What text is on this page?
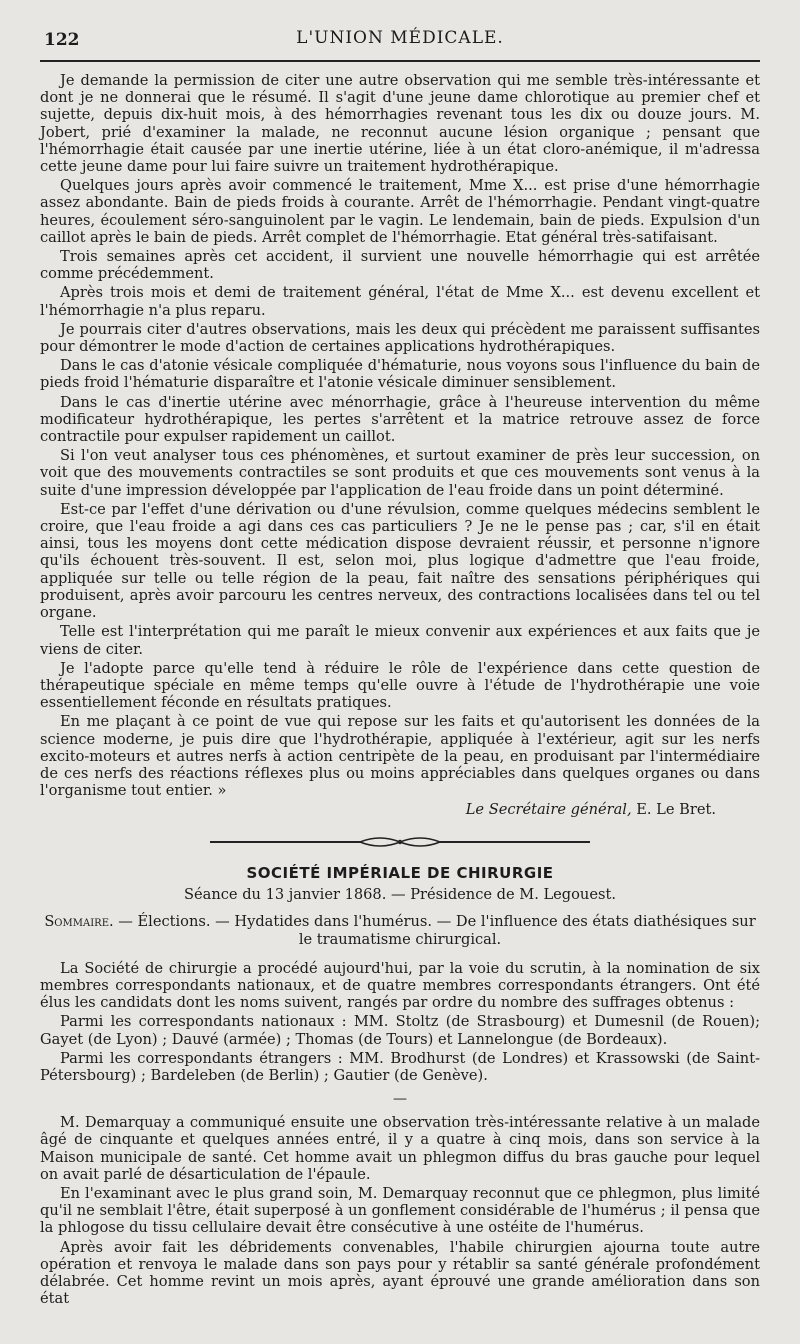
122	L'UNION MÉDICALE.

Je demande la permission de citer une autre observation qui me semble très-intéressante et dont je ne donnerai que le résumé. Il s'agit d'une jeune dame chlorotique au premier chef et sujette, depuis dix-huit mois, à des hémorrhagies revenant tous les dix ou douze jours. M. Jobert, prié d'examiner la malade, ne reconnut aucune lésion organique ; pensant que l'hémorrhagie était causée par une inertie utérine, liée à un état cloro-anémique, il m'adressa cette jeune dame pour lui faire suivre un traitement hydrothérapique.

Quelques jours après avoir commencé le traitement, Mme X... est prise d'une hémorrhagie assez abondante. Bain de pieds froids à courante. Arrêt de l'hémorrhagie. Pendant vingt-quatre heures, écoulement séro-sanguinolent par le vagin. Le lendemain, bain de pieds. Expulsion d'un caillot après le bain de pieds. Arrêt complet de l'hémorrhagie. Etat général très-satifaisant.

Trois semaines après cet accident, il survient une nouvelle hémorrhagie qui est arrêtée comme précédemment.

Après trois mois et demi de traitement général, l'état de Mme X... est devenu excellent et l'hémorrhagie n'a plus reparu.

Je pourrais citer d'autres observations, mais les deux qui précèdent me paraissent suffisantes pour démontrer le mode d'action de certaines applications hydrothérapiques.

Dans le cas d'atonie vésicale compliquée d'hématurie, nous voyons sous l'influence du bain de pieds froid l'hématurie disparaître et l'atonie vésicale diminuer sensiblement.

Dans le cas d'inertie utérine avec ménorrhagie, grâce à l'heureuse intervention du même modificateur hydrothérapique, les pertes s'arrêtent et la matrice retrouve assez de force contractile pour expulser rapidement un caillot.

Si l'on veut analyser tous ces phénomènes, et surtout examiner de près leur succession, on voit que des mouvements contractiles se sont produits et que ces mouvements sont venus à la suite d'une impression développée par l'application de l'eau froide dans un point déterminé.

Est-ce par l'effet d'une dérivation ou d'une révulsion, comme quelques médecins semblent le croire, que l'eau froide a agi dans ces cas particuliers ? Je ne le pense pas ; car, s'il en était ainsi, tous les moyens dont cette médication dispose devraient réussir, et personne n'ignore qu'ils échouent très-souvent. Il est, selon moi, plus logique d'admettre que l'eau froide, appliquée sur telle ou telle région de la peau, fait naître des sensations périphériques qui produisent, après avoir parcouru les centres nerveux, des contractions localisées dans tel ou tel organe.

Telle est l'interprétation qui me paraît le mieux convenir aux expériences et aux faits que je viens de citer.

Je l'adopte parce qu'elle tend à réduire le rôle de l'expérience dans cette question de thérapeutique spéciale en même temps qu'elle ouvre à l'étude de l'hydrothérapie une voie essentiellement féconde en résultats pratiques.

En me plaçant à ce point de vue qui repose sur les faits et qu'autorisent les données de la science moderne, je puis dire que l'hydrothérapie, appliquée à l'extérieur, agit sur les nerfs excito-moteurs et autres nerfs à action centripète de la peau, en produisant par l'intermédiaire de ces nerfs des réactions réflexes plus ou moins appréciables dans quelques organes ou dans l'organisme tout entier. »

Le Secrétaire général, E. Le Bret.
SOCIÉTÉ IMPÉRIALE DE CHIRURGIE
Séance du 13 janvier 1868. — Présidence de M. Legouest.
Sommaire. — Élections. — Hydatides dans l'humérus. — De l'influence des états diathésiques sur le traumatisme chirurgical.

La Société de chirurgie a procédé aujourd'hui, par la voie du scrutin, à la nomination de six membres correspondants nationaux, et de quatre membres correspondants étrangers. Ont été élus les candidats dont les noms suivent, rangés par ordre du nombre des suffrages obtenus :

Parmi les correspondants nationaux : MM. Stoltz (de Strasbourg) et Dumesnil (de Rouen); Gayet (de Lyon) ; Dauvé (armée) ; Thomas (de Tours) et Lannelongue (de Bordeaux).

Parmi les correspondants étrangers : MM. Brodhurst (de Londres) et Krassowski (de Saint-Pétersbourg) ; Bardeleben (de Berlin) ; Gautier (de Genève).

—

M. Demarquay a communiqué ensuite une observation très-intéressante relative à un malade âgé de cinquante et quelques années entré, il y a quatre à cinq mois, dans son service à la Maison municipale de santé. Cet homme avait un phlegmon diffus du bras gauche pour lequel on avait parlé de désarticulation de l'épaule.

En l'examinant avec le plus grand soin, M. Demarquay reconnut que ce phlegmon, plus limité qu'il ne semblait l'être, était superposé à un gonflement considérable de l'humérus ; il pensa que la phlogose du tissu cellulaire devait être consécutive à une ostéite de l'humérus.

Après avoir fait les débridements convenables, l'habile chirurgien ajourna toute autre opération et renvoya le malade dans son pays pour y rétablir sa santé générale profondément délabrée. Cet homme revint un mois après, ayant éprouvé une grande amélioration dans son état
